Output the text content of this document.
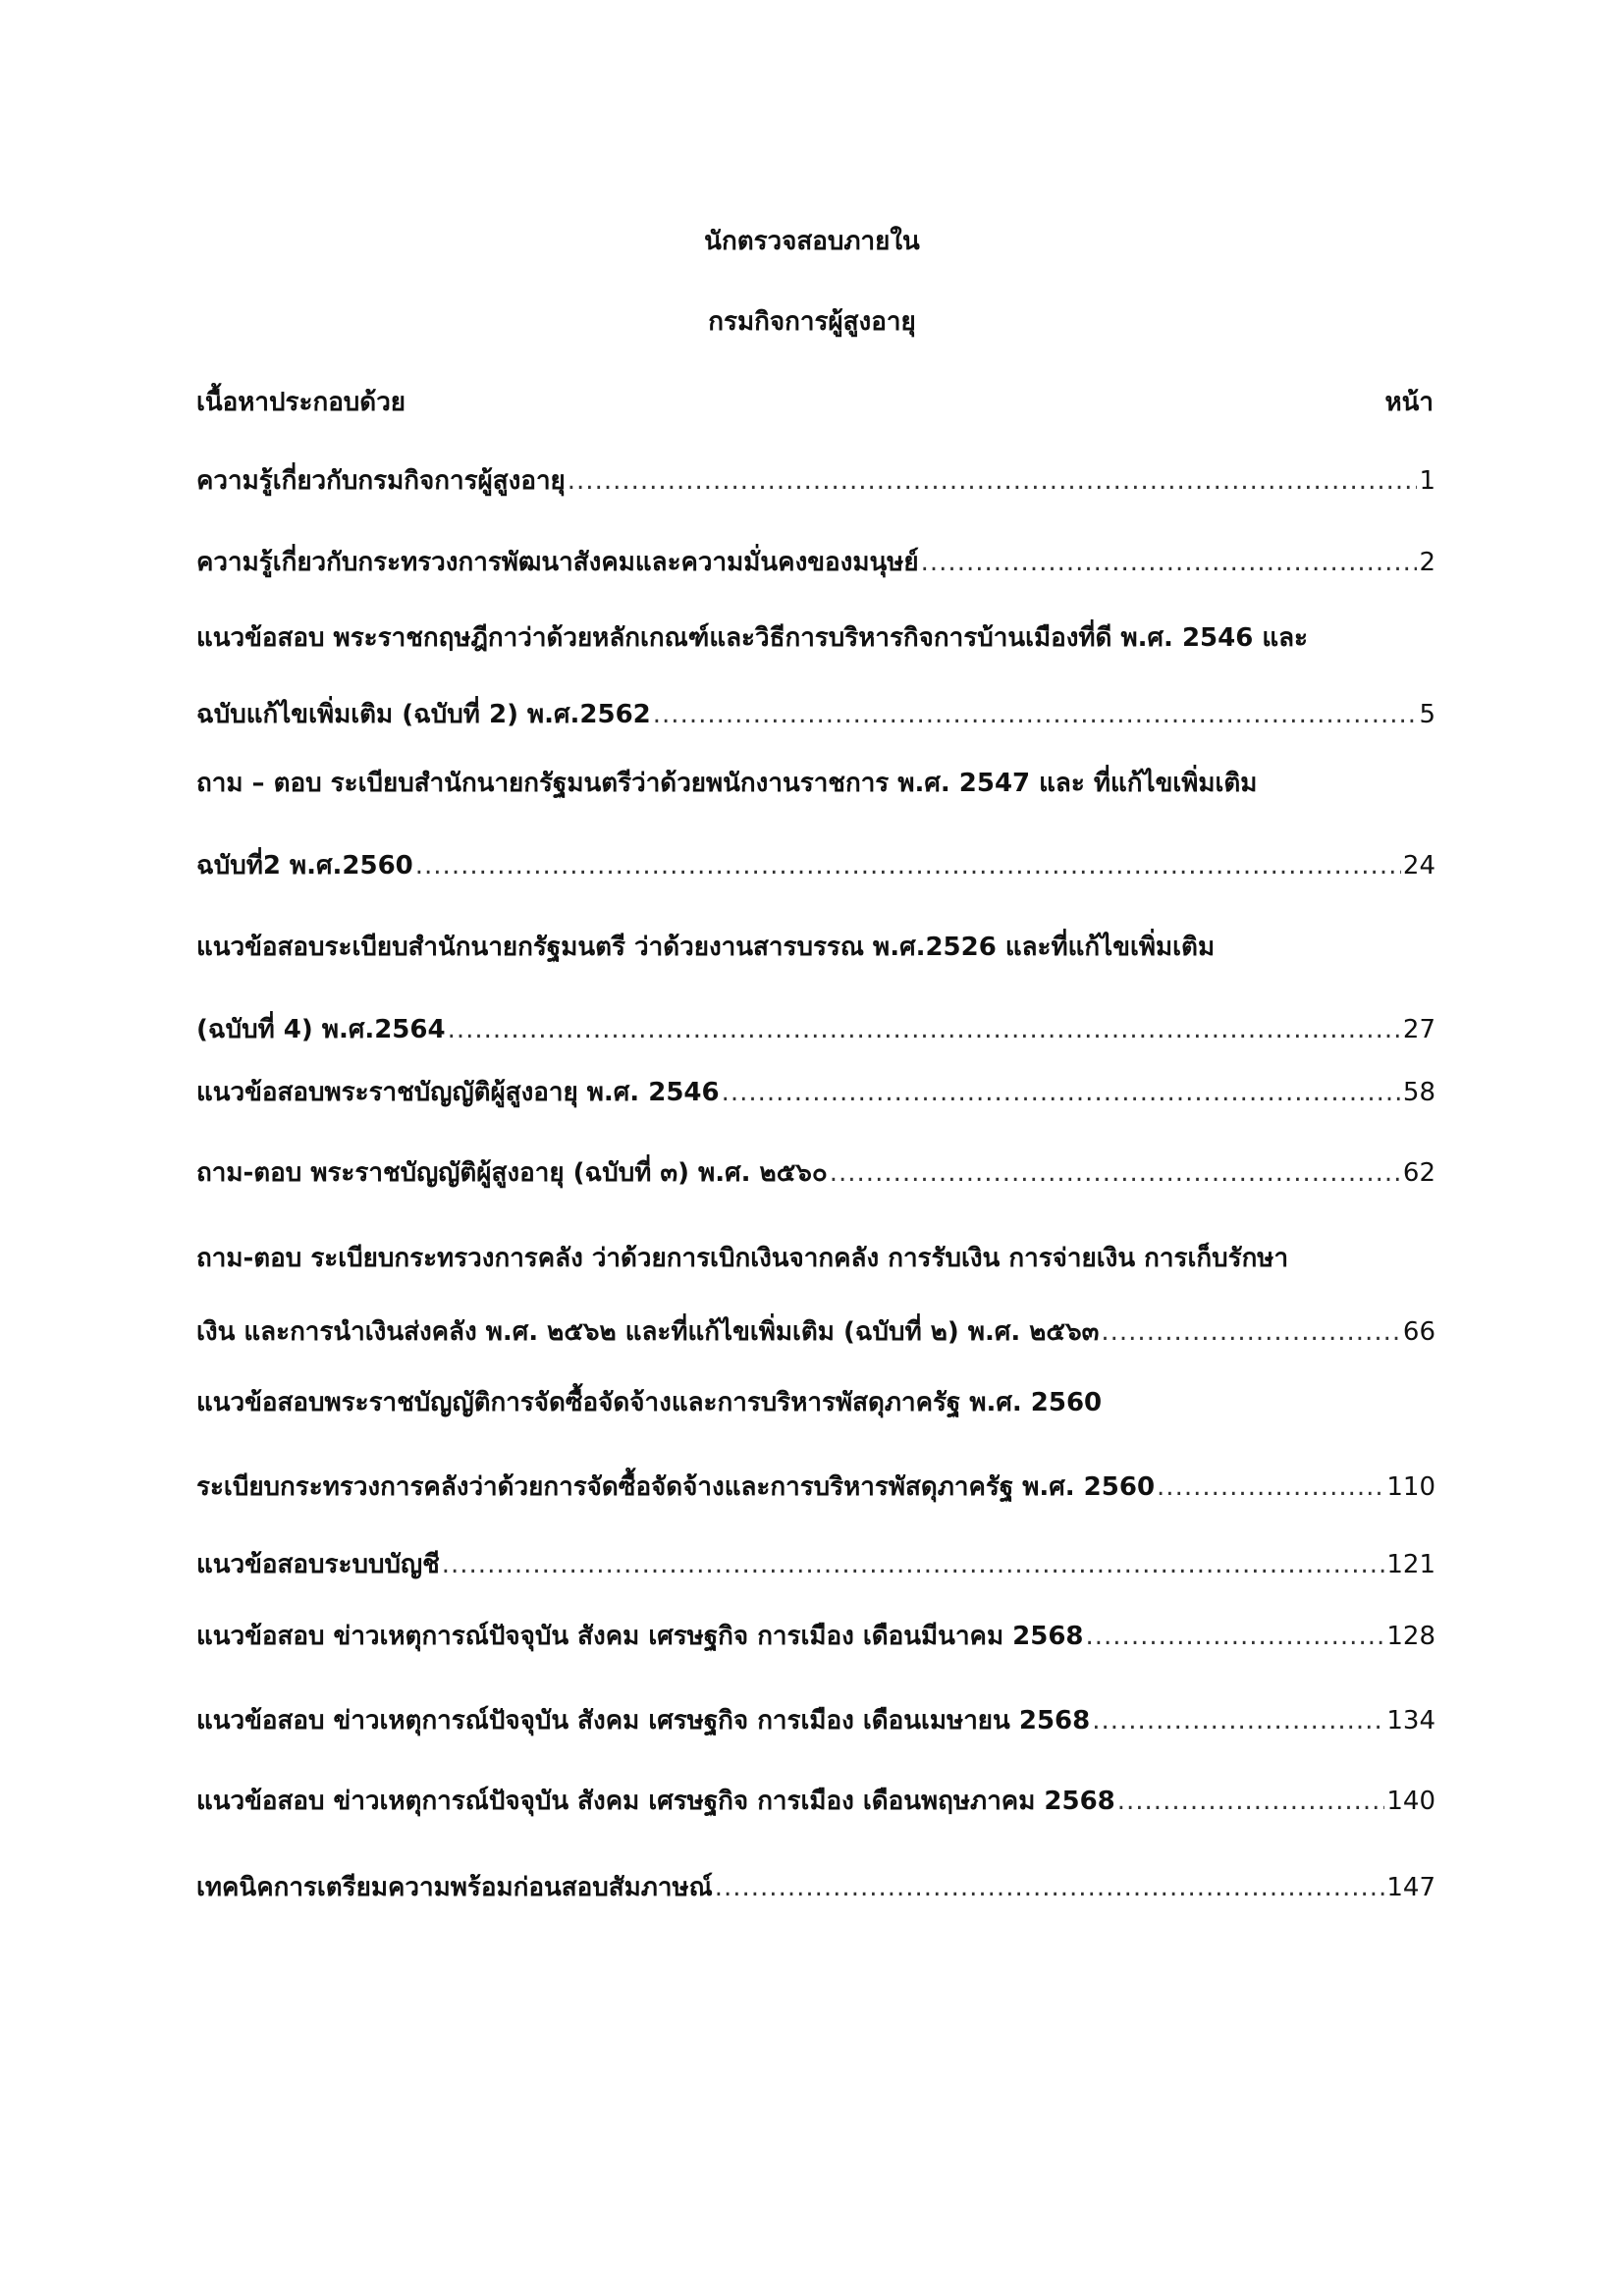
นักตรวจสอบภายใน
กรมกิจการผู้สูงอายุ
เนื้อหาประกอบด้วย	หน้า
ความรู้เกี่ยวกับกรมกิจการผู้สูงอายุ .....	1
ความรู้เกี่ยวกับกระทรวงการพัฒนาสังคมและความมั่นคงของมนุษย์ .....	2
แนวข้อสอบ พระราชกฤษฎีกาว่าด้วยหลักเกณฑ์และวิธีการบริหารกิจการบ้านเมืองที่ดี พ.ศ. 2546 และ
ฉบับแก้ไขเพิ่มเติม (ฉบับที่ 2) พ.ศ.2562 .....	5
ถาม – ตอบ ระเบียบสำนักนายกรัฐมนตรีว่าด้วยพนักงานราชการ พ.ศ. 2547 และ ที่แก้ไขเพิ่มเติม
ฉบับที่2 พ.ศ.2560 .....	24
แนวข้อสอบระเบียบสำนักนายกรัฐมนตรี ว่าด้วยงานสารบรรณ พ.ศ.2526 และที่แก้ไขเพิ่มเติม
(ฉบับที่ 4) พ.ศ.2564 .....	27
แนวข้อสอบพระราชบัญญัติผู้สูงอายุ พ.ศ. 2546 .....	58
ถาม-ตอบ พระราชบัญญัติผู้สูงอายุ (ฉบับที่ ๓) พ.ศ. ๒๕๖๐ .....	62
ถาม-ตอบ ระเบียบกระทรวงการคลัง ว่าด้วยการเบิกเงินจากคลัง การรับเงิน การจ่ายเงิน การเก็บรักษา
เงิน และการนำเงินส่งคลัง พ.ศ. ๒๕๖๒ และที่แก้ไขเพิ่มเติม (ฉบับที่ ๒) พ.ศ. ๒๕๖๓ .....	66
แนวข้อสอบพระราชบัญญัติการจัดซื้อจัดจ้างและการบริหารพัสดุภาครัฐ พ.ศ. 2560
ระเบียบกระทรวงการคลังว่าด้วยการจัดซื้อจัดจ้างและการบริหารพัสดุภาครัฐ พ.ศ. 2560 .....	110
แนวข้อสอบระบบบัญชี .....	121
แนวข้อสอบ ข่าวเหตุการณ์ปัจจุบัน สังคม เศรษฐกิจ การเมือง เดือนมีนาคม 2568 .....	128
แนวข้อสอบ ข่าวเหตุการณ์ปัจจุบัน สังคม เศรษฐกิจ การเมือง เดือนเมษายน 2568 .....	134
แนวข้อสอบ ข่าวเหตุการณ์ปัจจุบัน สังคม เศรษฐกิจ การเมือง เดือนพฤษภาคม 2568 .....	140
เทคนิคการเตรียมความพร้อมก่อนสอบสัมภาษณ์ .....	147
